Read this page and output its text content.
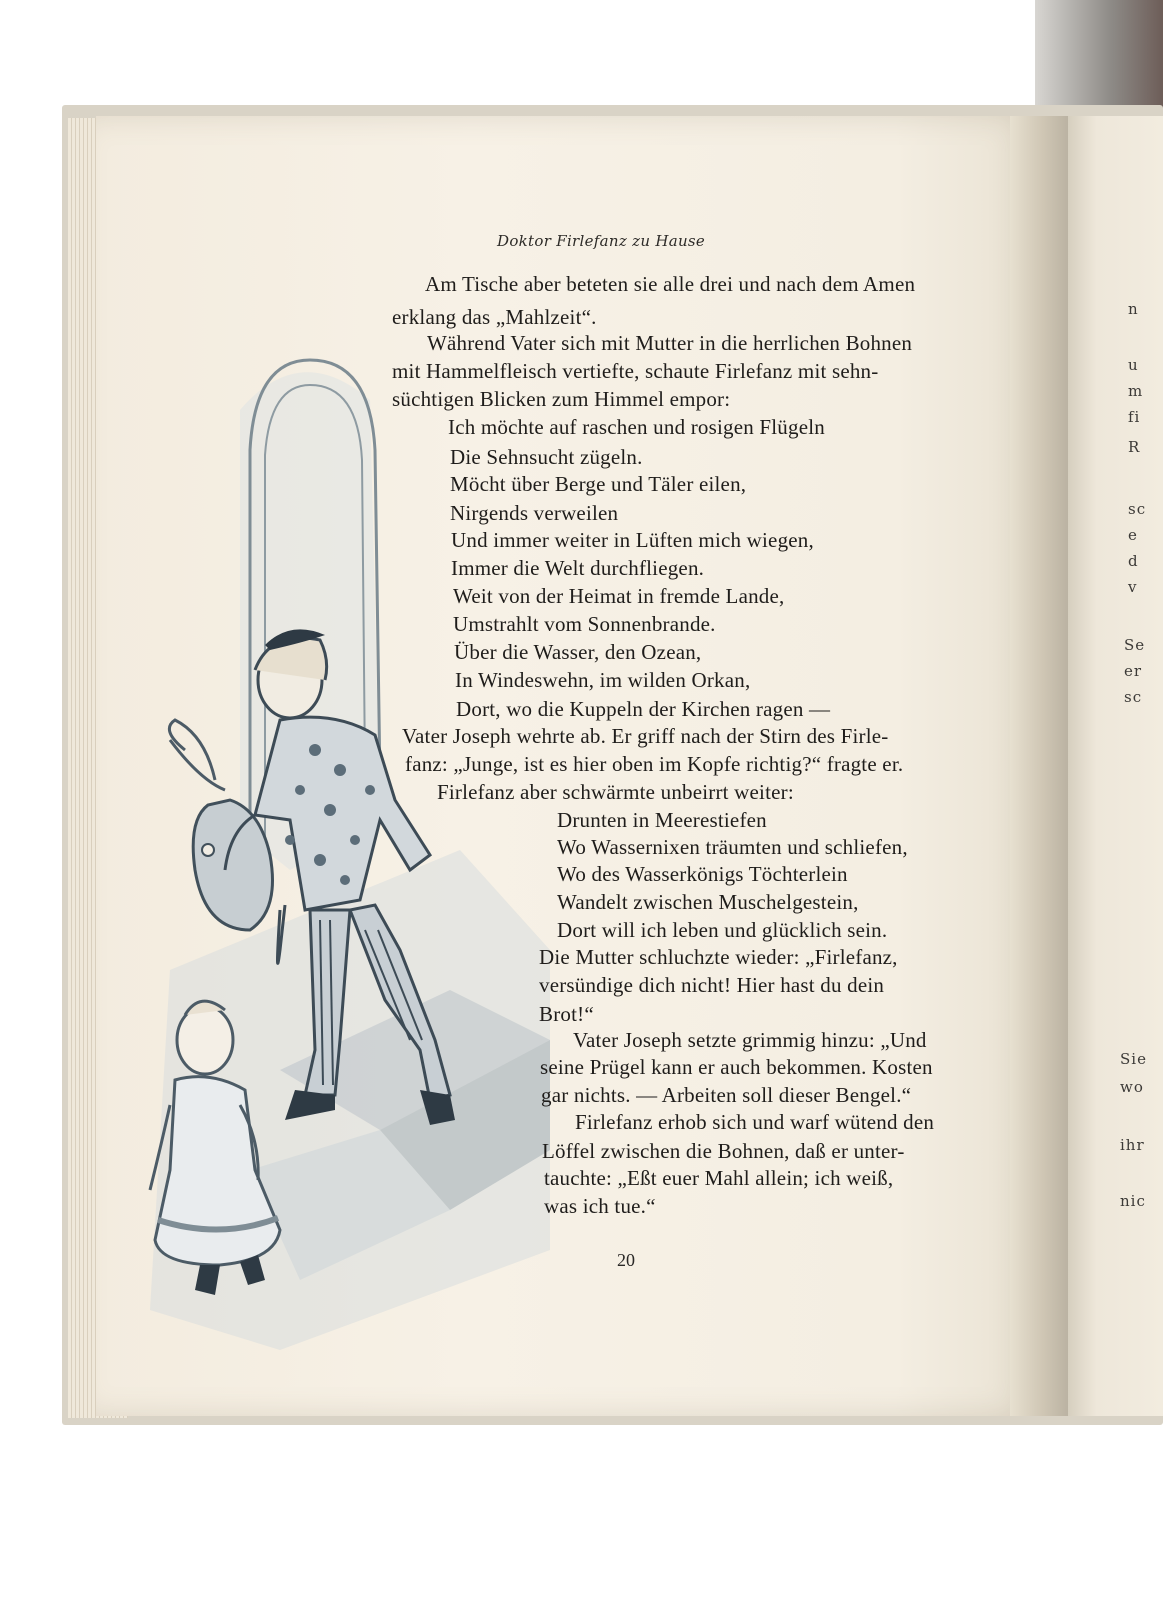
n
u
m
fi
R
sc
e
d
v
Se
er
sc
Sie
wo
ihr
nic
Doktor Firlefanz zu Hause
Am Tische aber beteten sie alle drei und nach dem Amen
erklang das „Mahlzeit“.
Während Vater sich mit Mutter in die herrlichen Bohnen
mit Hammelfleisch vertiefte, schaute Firlefanz mit sehn-
süchtigen Blicken zum Himmel empor:
Ich möchte auf raschen und rosigen Flügeln
Die Sehnsucht zügeln.
Möcht über Berge und Täler eilen,
Nirgends verweilen
Und immer weiter in Lüften mich wiegen,
Immer die Welt durchfliegen.
Weit von der Heimat in fremde Lande,
Umstrahlt vom Sonnenbrande.
Über die Wasser, den Ozean,
In Windeswehn, im wilden Orkan,
Dort, wo die Kuppeln der Kirchen ragen —
Vater Joseph wehrte ab. Er griff nach der Stirn des Firle-
fanz: „Junge, ist es hier oben im Kopfe richtig?“ fragte er.
Firlefanz aber schwärmte unbeirrt weiter:
Drunten in Meerestiefen
Wo Wassernixen träumten und schliefen,
Wo des Wasserkönigs Töchterlein
Wandelt zwischen Muschelgestein,
Dort will ich leben und glücklich sein.
Die Mutter schluchzte wieder: „Firlefanz,
versündige dich nicht! Hier hast du dein
Brot!“
Vater Joseph setzte grimmig hinzu: „Und
seine Prügel kann er auch bekommen. Kosten
gar nichts. — Arbeiten soll dieser Bengel.“
Firlefanz erhob sich und warf wütend den
Löffel zwischen die Bohnen, daß er unter-
tauchte: „Eßt euer Mahl allein; ich weiß,
was ich tue.“
20
